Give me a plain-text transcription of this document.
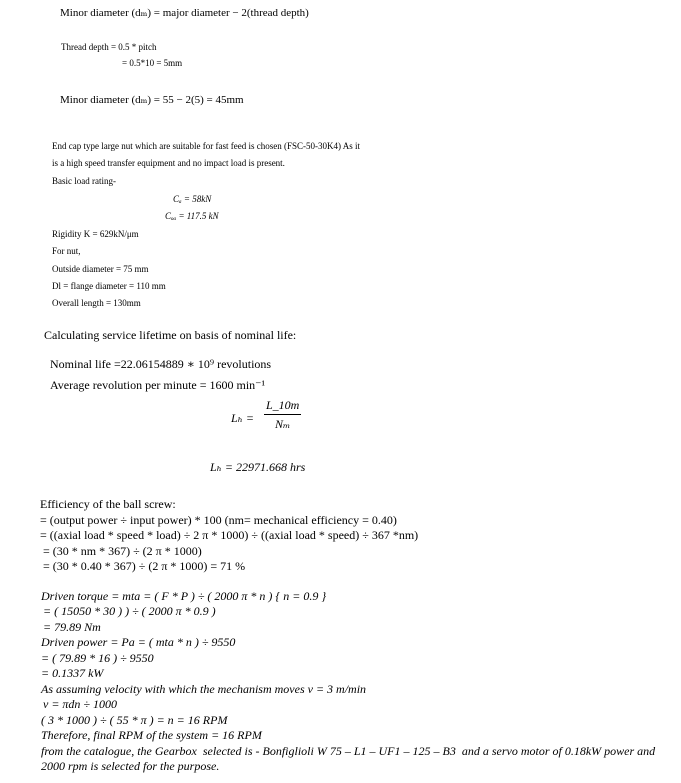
Minor diameter (dₘ) = major diameter − 2(thread depth)
Thread depth = 0.5 * pitch
= 0.5*10 = 5mm
Minor diameter (dₘ) = 55 − 2(5) = 45mm
End cap type large nut which are suitable for fast feed is chosen (FSC-50-30K4) As it
is a high speed transfer equipment and no impact load is present.
Basic load rating-
Cₐ = 58kN
Cₒₐ = 117.5 kN
Rigidity K = 629kN/μm
For nut,
Outside diameter = 75 mm
Dl = flange diameter = 110 mm
Overall length = 130mm
Calculating service lifetime on basis of nominal life:
Nominal life =22.06154889 ∗ 10⁹ revolutions
Average revolution per minute = 1600 min⁻¹
Lₕ =
L_10m
Nₘ
Lₕ = 22971.668 hrs
Efficiency of the ball screw:
= (output power ÷ input power) * 100 (nm= mechanical efficiency = 0.40)
= ((axial load * speed * load) ÷ 2 π * 1000) ÷ ((axial load * speed) ÷ 367 *nm)
= (30 * nm * 367) ÷ (2 π * 1000)
= (30 * 0.40 * 367) ÷ (2 π * 1000) = 71 %
Driven torque = mta = ( F * P ) ÷ ( 2000 π * n ) { n = 0.9 }
= ( 15050 * 30 ) ) ÷ ( 2000 π * 0.9 )
= 79.89 Nm
Driven power = Pa = ( mta * n ) ÷ 9550
= ( 79.89 * 16 ) ÷ 9550
= 0.1337 kW
As assuming velocity with which the mechanism moves v = 3 m/min
v = πdn ÷ 1000
( 3 * 1000 ) ÷ ( 55 * π ) = n = 16 RPM
Therefore, final RPM of the system = 16 RPM
from the catalogue, the Gearbox  selected is - Bonfiglioli W 75 – L1 – UF1 – 125 – B3  and a servo motor of 0.18kW power and
2000 rpm is selected for the purpose.
